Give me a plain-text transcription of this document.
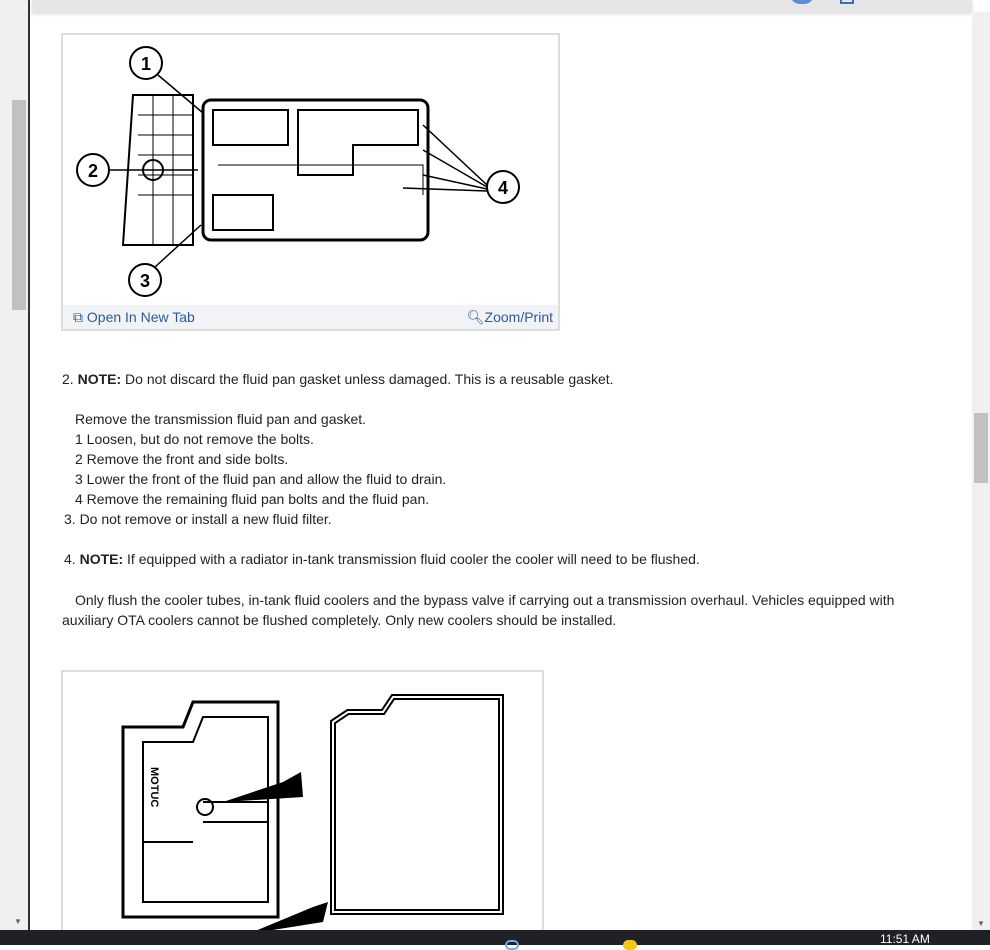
▼	▼
1
2
3
4
⧉ Open In New Tab	🔍︎Zoom/Print
2. NOTE: Do not discard the fluid pan gasket unless damaged. This is a reusable gasket.
Remove the transmission fluid pan and gasket.
1 Loosen, but do not remove the bolts.
2 Remove the front and side bolts.
3 Lower the front of the fluid pan and allow the fluid to drain.
4 Remove the remaining fluid pan bolts and the fluid pan.
3. Do not remove or install a new fluid filter.
4. NOTE: If equipped with a radiator in-tank transmission fluid cooler the cooler will need to be flushed.
Only flush the cooler tubes, in-tank fluid coolers and the bypass valve if carrying out a transmission overhaul. Vehicles equipped with auxiliary OTA coolers cannot be flushed completely. Only new coolers should be installed.
MOTUC
11:51 AM
